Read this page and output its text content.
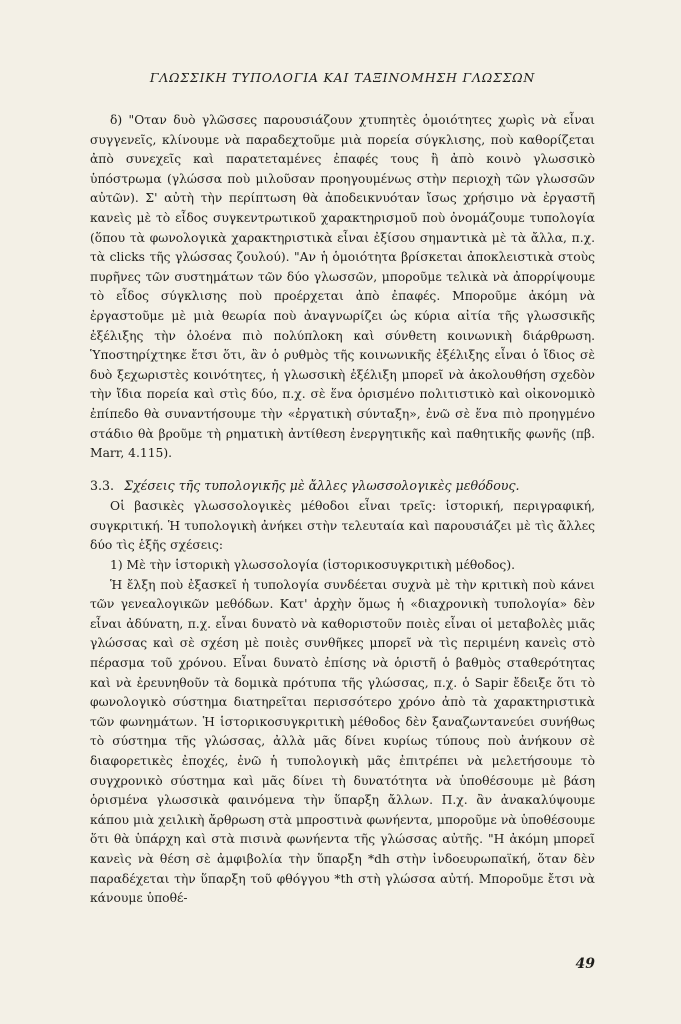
ΓΛΩΣΣΙΚΗ ΤΥΠΟΛΟΓΙΑ ΚΑΙ ΤΑΞΙΝΟΜΗΣΗ ΓΛΩΣΣΩΝ

δ) "Οταν δυὸ γλῶσσες παρουσιάζουν χτυπητὲς ὁμοιότητες χωρὶς νὰ εἶναι συγγενεῖς, κλίνουμε νὰ παραδεχτοῦμε μιὰ πορεία σύγκλισης, ποὺ καθορίζεται ἀπὸ συνεχεῖς καὶ παρατεταμένες ἐπαφές τους ἢ ἀπὸ κοινὸ γλωσσικὸ ὑπόστρωμα (γλώσσα ποὺ μιλοῦσαν προηγουμένως στὴν περιοχὴ τῶν γλωσσῶν αὐτῶν). Σ' αὐτὴ τὴν περίπτωση θὰ ἀποδεικνυόταν ἴσως χρήσιμο νὰ ἐργαστῆ κανεὶς μὲ τὸ εἶδος συγκεντρωτικοῦ χαρακτηρισμοῦ ποὺ ὀνομάζουμε τυπολογία (ὅπου τὰ φωνολογικὰ χαρακτηριστικὰ εἶναι ἐξίσου σημαντικὰ μὲ τὰ ἄλλα, π.χ. τὰ clicks τῆς γλώσσας ζουλού). "Αν ἡ ὁμοιότητα βρίσκεται ἀποκλειστικὰ στοὺς πυρῆνες τῶν συστημάτων τῶν δύο γλωσσῶν, μποροῦμε τελικὰ νὰ ἀπορρίψουμε τὸ εἶδος σύγκλισης ποὺ προέρχεται ἀπὸ ἐπαφές. Μποροῦμε ἀκόμη νὰ ἐργαστοῦμε μὲ μιὰ θεωρία ποὺ ἀναγνωρίζει ὡς κύρια αἰτία τῆς γλωσσικῆς ἐξέλιξης τὴν ὁλοένα πιὸ πολύπλοκη καὶ σύνθετη κοινωνικὴ διάρθρωση. Ὑποστηρίχτηκε ἔτσι ὅτι, ἂν ὁ ρυθμὸς τῆς κοινωνικῆς ἐξέλιξης εἶναι ὁ ἴδιος σὲ δυὸ ξεχωριστὲς κοινότητες, ἡ γλωσσικὴ ἐξέλιξη μπορεῖ νὰ ἀκολουθήση σχεδὸν τὴν ἴδια πορεία καὶ στὶς δύο, π.χ. σὲ ἕνα ὁρισμένο πολιτιστικὸ καὶ οἰκονομικὸ ἐπίπεδο θὰ συναντήσουμε τὴν «ἐργατικὴ σύνταξη», ἐνῶ σὲ ἕνα πιὸ προηγμένο στάδιο θὰ βροῦμε τὴ ρηματικὴ ἀντίθεση ἐνεργητικῆς καὶ παθητικῆς φωνῆς (πβ. Marr, 4.115).

3.3. Σχέσεις τῆς τυπολογικῆς μὲ ἄλλες γλωσσολογικὲς μεθόδους.

Οἱ βασικὲς γλωσσολογικὲς μέθοδοι εἶναι τρεῖς: ἱστορική, περιγραφική, συγκριτική. Ἡ τυπολογικὴ ἀνήκει στὴν τελευταία καὶ παρουσιάζει μὲ τὶς ἄλλες δύο τὶς ἑξῆς σχέσεις:

1) Μὲ τὴν ἱστορικὴ γλωσσολογία (ἱστορικοσυγκριτικὴ μέθοδος).

Ἡ ἔλξη ποὺ ἐξασκεῖ ἡ τυπολογία συνδέεται συχνὰ μὲ τὴν κριτικὴ ποὺ κάνει τῶν γενεαλογικῶν μεθόδων. Κατ' ἀρχὴν ὅμως ἡ «διαχρονικὴ τυπολογία» δὲν εἶναι ἀδύνατη, π.χ. εἶναι δυνατὸ νὰ καθοριστοῦν ποιὲς εἶναι οἱ μεταβολὲς μιᾶς γλώσσας καὶ σὲ σχέση μὲ ποιὲς συνθῆκες μπορεῖ νὰ τὶς περιμένη κανεὶς στὸ πέρασμα τοῦ χρόνου. Εἶναι δυνατὸ ἐπίσης νὰ ὁριστῆ ὁ βαθμὸς σταθερότητας καὶ νὰ ἐρευνηθοῦν τὰ δομικὰ πρότυπα τῆς γλώσσας, π.χ. ὁ Sapir ἔδειξε ὅτι τὸ φωνολογικὸ σύστημα διατηρεῖται περισσότερο χρόνο ἀπὸ τὰ χαρακτηριστικὰ τῶν φωνημάτων. Ἡ ἱστορικοσυγκριτικὴ μέθοδος δὲν ξαναζωντανεύει συνήθως τὸ σύστημα τῆς γλώσσας, ἀλλὰ μᾶς δίνει κυρίως τύπους ποὺ ἀνήκουν σὲ διαφορετικὲς ἐποχές, ἐνῶ ἡ τυπολογικὴ μᾶς ἐπιτρέπει νὰ μελετήσουμε τὸ συγχρονικὸ σύστημα καὶ μᾶς δίνει τὴ δυνατότητα νὰ ὑποθέσουμε μὲ βάση ὁρισμένα γλωσσικὰ φαινόμενα τὴν ὕπαρξη ἄλλων. Π.χ. ἂν ἀνακαλύψουμε κάπου μιὰ χειλικὴ ἄρθρωση στὰ μπροστινὰ φωνήεντα, μποροῦμε νὰ ὑποθέσουμε ὅτι θὰ ὑπάρχη καὶ στὰ πισινὰ φωνήεντα τῆς γλώσσας αὐτῆς. "Η ἀκόμη μπορεῖ κανεὶς νὰ θέση σὲ ἀμφιβολία τὴν ὕπαρξη *dh στὴν ἰνδοευρωπαϊκή, ὅταν δὲν παραδέχεται τὴν ὕπαρξη τοῦ φθόγγου *th στὴ γλώσσα αὐτή. Μποροῦμε ἔτσι νὰ κάνουμε ὑποθέ-

49
